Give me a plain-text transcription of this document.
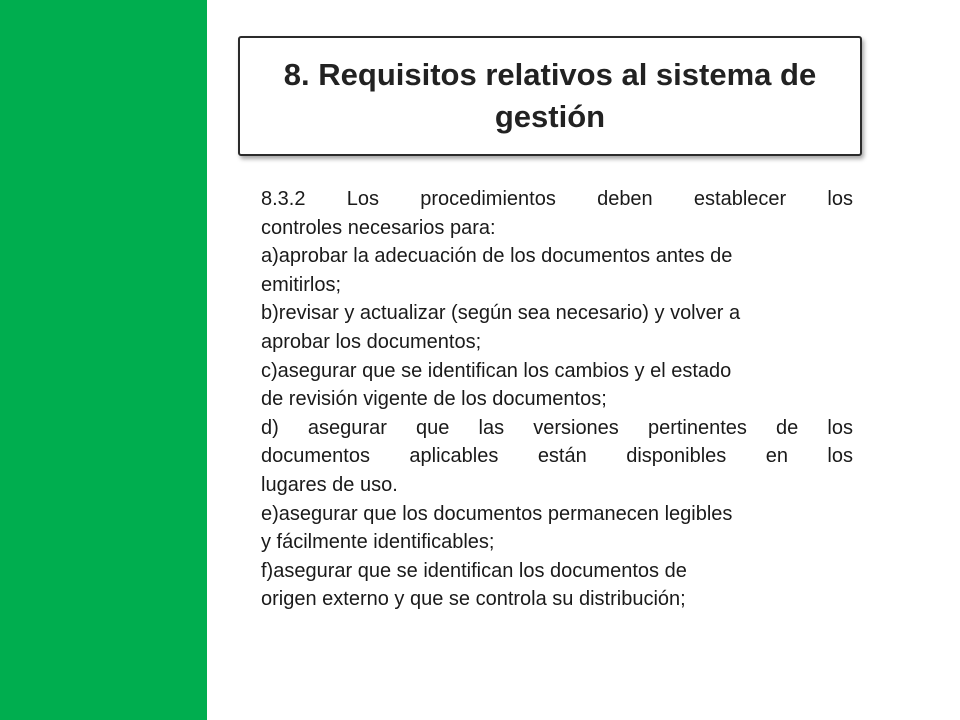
8. Requisitos relativos al sistema de
gestión

8.3.2 Los procedimientos deben establecer los
controles necesarios para:

a)aprobar la adecuación de los documentos antes de
emitirlos;

b)revisar y actualizar (según sea necesario) y volver a
aprobar los documentos;

c)asegurar que se identifican los cambios y el estado
de revisión vigente de los documentos;

d) asegurar que las versiones pertinentes de los
documentos aplicables están disponibles en los
lugares de uso.

e)asegurar que los documentos permanecen legibles
y fácilmente identificables;

f)asegurar que se identifican los documentos de
origen externo y que se controla su distribución;
